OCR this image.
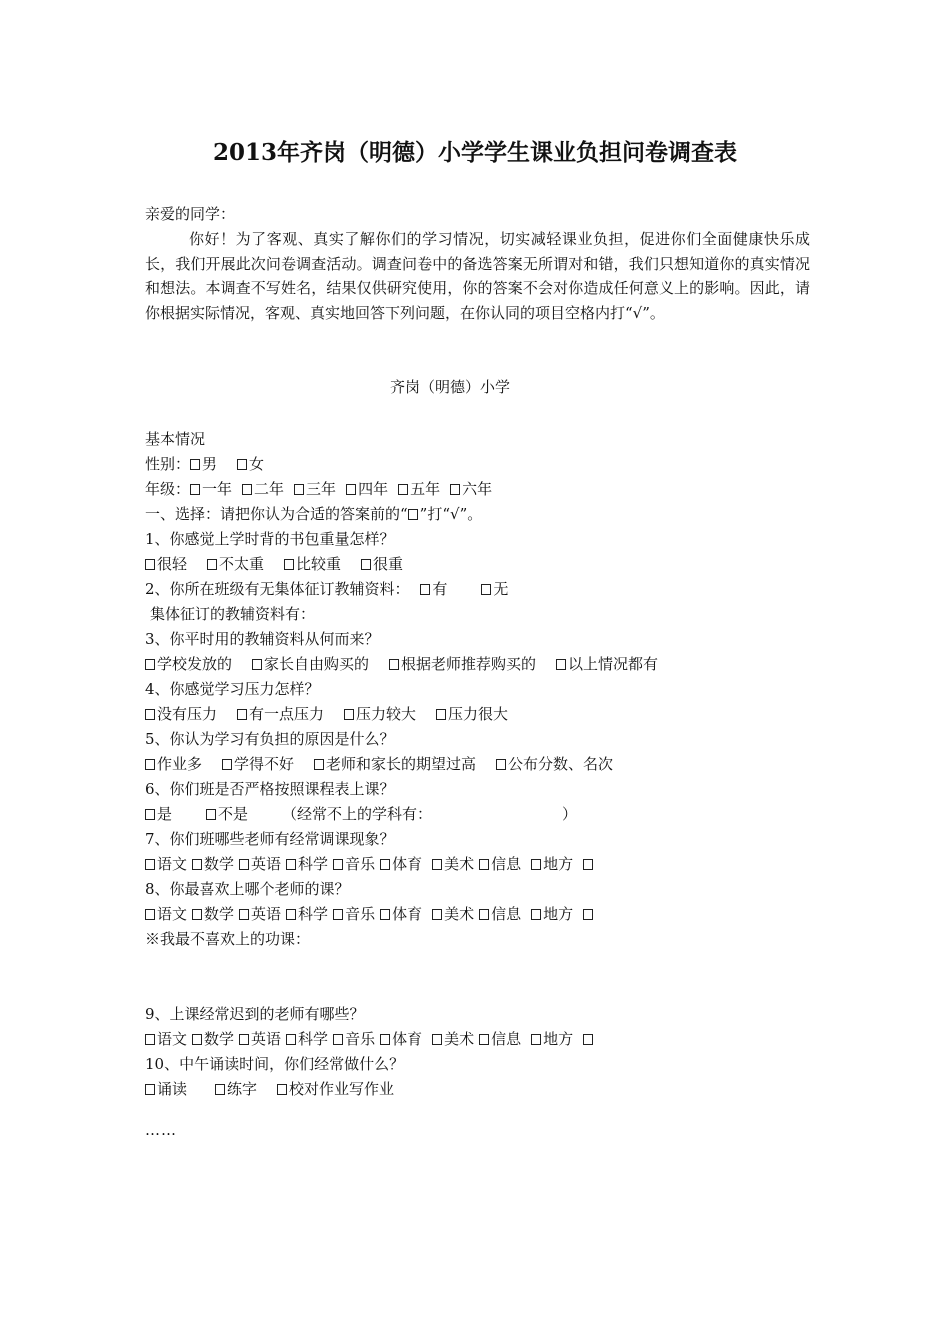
2013年齐岗（明德）小学学生课业负担问卷调查表
亲爱的同学：
你好！为了客观、真实了解你们的学习情况，切实减轻课业负担，促进你们全面健康快乐成长，我们开展此次问卷调查活动。调查问卷中的备选答案无所谓对和错，我们只想知道你的真实情况和想法。本调查不写姓名，结果仅供研究使用，你的答案不会对你造成任何意义上的影响。因此，请你根据实际情况，客观、真实地回答下列问题，在你认同的项目空格内打“√”。
齐岗（明德）小学
基本情况
性别： 男 女
年级： 一年 二年 三年 四年 五年 六年
一、选择：请把你认为合适的答案前的“ ”打“√”。
1、你感觉上学时背的书包重量怎样？
很轻 不太重 比较重 很重
2、你所在班级有无集体征订教辅资料： 有	无
集体征订的教辅资料有：
3、你平时用的教辅资料从何而来？
学校发放的 家长自由购买的 根据老师推荐购买的 以上情况都有
4、你感觉学习压力怎样？
没有压力 有一点压力 压力较大 压力很大
5、你认为学习有负担的原因是什么？
作业多 学得不好 老师和家长的期望过高 公布分数、名次
6、你们班是否严格按照课程表上课？
是	不是 （经常不上的学科有：	）
7、你们班哪些老师有经常调课现象？
语文 数学 英语 科学 音乐 体育 美术 信息 地方
8、你最喜欢上哪个老师的课？
语文 数学 英语 科学 音乐 体育 美术 信息 地方
※我最不喜欢上的功课：
9、上课经常迟到的老师有哪些？
语文 数学 英语 科学 音乐 体育 美术 信息 地方
10、中午诵读时间，你们经常做什么？
诵读	练字 校对作业写作业
……
